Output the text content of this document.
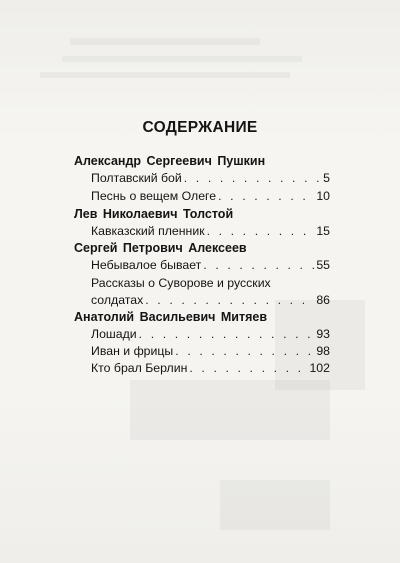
СОДЕРЖАНИЕ
Александр Сергеевич Пушкин
Полтавский бой . . .	5
Песнь о вещем Олеге . . .	10
Лев Николаевич Толстой
Кавказский пленник . . .	15
Сергей Петрович Алексеев
Небывалое бывает . . .	55
Рассказы о Суворове и русских
солдатах . . .	86
Анатолий Васильевич Митяев
Лошади . . .	93
Иван и фрицы . . .	98
Кто брал Берлин . . .	102
